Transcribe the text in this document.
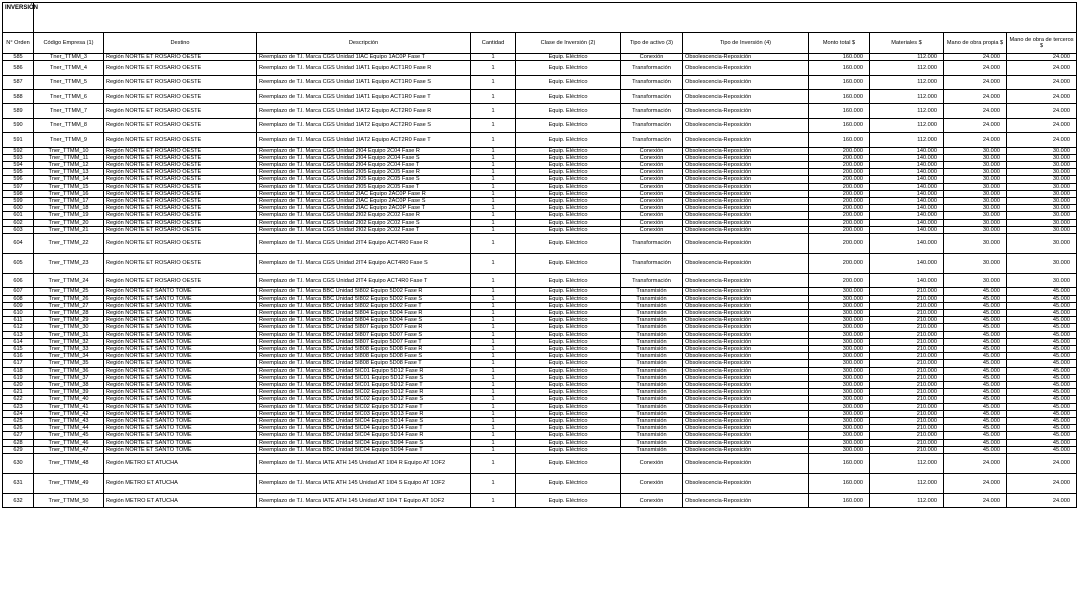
INVERSIÓN											
N° Orden	Código Empresa (1)	Destino	Descripción	Cantidad	Clase de Inversión (2)	Tipo de activo (3)	Tipo de Inversión (4)	Monto total $	Materiales $	Mano de obra propia $	Mano de obra de terceros $
585	Tner_TTMM_3	Región NORTE ET ROSARIO OESTE	Reemplazo de T.I. Marca CGS Unidad 1IAC Equipo 1AC0P Fase T	1	Equip. Eléctrico	Conexión	Obsolescencia-Reposición	160.000	112.000	24.000	24.000
586	Tner_TTMM_4	Región NORTE ET ROSARIO OESTE	Reemplazo de T.I. Marca CGS Unidad 1IAT1 Equipo ACT1R0 Fase R	1	Equip. Eléctrico	Transformación	Obsolescencia-Reposición	160.000	112.000	24.000	24.000
587	Tner_TTMM_5	Región NORTE ET ROSARIO OESTE	Reemplazo de T.I. Marca CGS Unidad 1IAT1 Equipo ACT1R0 Fase S	1	Equip. Eléctrico	Transformación	Obsolescencia-Reposición	160.000	112.000	24.000	24.000
588	Tner_TTMM_6	Región NORTE ET ROSARIO OESTE	Reemplazo de T.I. Marca CGS Unidad 1IAT1 Equipo ACT1R0 Fase T	1	Equip. Eléctrico	Transformación	Obsolescencia-Reposición	160.000	112.000	24.000	24.000
589	Tner_TTMM_7	Región NORTE ET ROSARIO OESTE	Reemplazo de T.I. Marca CGS Unidad 1IAT2 Equipo ACT2R0 Fase R	1	Equip. Eléctrico	Transformación	Obsolescencia-Reposición	160.000	112.000	24.000	24.000
590	Tner_TTMM_8	Región NORTE ET ROSARIO OESTE	Reemplazo de T.I. Marca CGS Unidad 1IAT2 Equipo ACT2R0 Fase S	1	Equip. Eléctrico	Transformación	Obsolescencia-Reposición	160.000	112.000	24.000	24.000
591	Tner_TTMM_9	Región NORTE ET ROSARIO OESTE	Reemplazo de T.I. Marca CGS Unidad 1IAT2 Equipo ACT2R0 Fase T	1	Equip. Eléctrico	Transformación	Obsolescencia-Reposición	160.000	112.000	24.000	24.000
592	Tner_TTMM_10	Región NORTE ET ROSARIO OESTE	Reemplazo de T.I. Marca CGS Unidad 2I04 Equipo 2C04 Fase R	1	Equip. Eléctrico	Conexión	Obsolescencia-Reposición	200.000	140.000	30.000	30.000
593	Tner_TTMM_11	Región NORTE ET ROSARIO OESTE	Reemplazo de T.I. Marca CGS Unidad 2I04 Equipo 2C04 Fase S	1	Equip. Eléctrico	Conexión	Obsolescencia-Reposición	200.000	140.000	30.000	30.000
594	Tner_TTMM_12	Región NORTE ET ROSARIO OESTE	Reemplazo de T.I. Marca CGS Unidad 2I04 Equipo 2C04 Fase T	1	Equip. Eléctrico	Conexión	Obsolescencia-Reposición	200.000	140.000	30.000	30.000
595	Tner_TTMM_13	Región NORTE ET ROSARIO OESTE	Reemplazo de T.I. Marca CGS Unidad 2I05 Equipo 2C05 Fase R	1	Equip. Eléctrico	Conexión	Obsolescencia-Reposición	200.000	140.000	30.000	30.000
596	Tner_TTMM_14	Región NORTE ET ROSARIO OESTE	Reemplazo de T.I. Marca CGS Unidad 2I05 Equipo 2C05 Fase S	1	Equip. Eléctrico	Conexión	Obsolescencia-Reposición	200.000	140.000	30.000	30.000
597	Tner_TTMM_15	Región NORTE ET ROSARIO OESTE	Reemplazo de T.I. Marca CGS Unidad 2I05 Equipo 2C05 Fase T	1	Equip. Eléctrico	Conexión	Obsolescencia-Reposición	200.000	140.000	30.000	30.000
598	Tner_TTMM_16	Región NORTE ET ROSARIO OESTE	Reemplazo de T.I. Marca CGS Unidad 2IAC Equipo 2AC0P Fase R	1	Equip. Eléctrico	Conexión	Obsolescencia-Reposición	200.000	140.000	30.000	30.000
599	Tner_TTMM_17	Región NORTE ET ROSARIO OESTE	Reemplazo de T.I. Marca CGS Unidad 2IAC Equipo 2AC0P Fase S	1	Equip. Eléctrico	Conexión	Obsolescencia-Reposición	200.000	140.000	30.000	30.000
600	Tner_TTMM_18	Región NORTE ET ROSARIO OESTE	Reemplazo de T.I. Marca CGS Unidad 2IAC Equipo 2AC0P Fase T	1	Equip. Eléctrico	Conexión	Obsolescencia-Reposición	200.000	140.000	30.000	30.000
601	Tner_TTMM_19	Región NORTE ET ROSARIO OESTE	Reemplazo de T.I. Marca CGS Unidad 2I02 Equipo 2C02 Fase R	1	Equip. Eléctrico	Conexión	Obsolescencia-Reposición	200.000	140.000	30.000	30.000
602	Tner_TTMM_20	Región NORTE ET ROSARIO OESTE	Reemplazo de T.I. Marca CGS Unidad 2I02 Equipo 2C02 Fase S	1	Equip. Eléctrico	Conexión	Obsolescencia-Reposición	200.000	140.000	30.000	30.000
603	Tner_TTMM_21	Región NORTE ET ROSARIO OESTE	Reemplazo de T.I. Marca CGS Unidad 2I02 Equipo 2C02 Fase T	1	Equip. Eléctrico	Conexión	Obsolescencia-Reposición	200.000	140.000	30.000	30.000
604	Tner_TTMM_22	Región NORTE ET ROSARIO OESTE	Reemplazo de T.I. Marca CGS Unidad 2IT4 Equipo ACT4R0 Fase R	1	Equip. Eléctrico	Transformación	Obsolescencia-Reposición	200.000	140.000	30.000	30.000
605	Tner_TTMM_23	Región NORTE ET ROSARIO OESTE	Reemplazo de T.I. Marca CGS Unidad 2IT4 Equipo ACT4R0 Fase S	1	Equip. Eléctrico	Transformación	Obsolescencia-Reposición	200.000	140.000	30.000	30.000
606	Tner_TTMM_24	Región NORTE ET ROSARIO OESTE	Reemplazo de T.I. Marca CGS Unidad 2IT4 Equipo ACT4R0 Fase T	1	Equip. Eléctrico	Transformación	Obsolescencia-Reposición	200.000	140.000	30.000	30.000
607	Tner_TTMM_25	Región NORTE ET SANTO TOME	Reemplazo de T.I. Marca BBC Unidad 5I802 Equipo 5D02 Fase R	1	Equip. Eléctrico	Transmisión	Obsolescencia-Reposición	300.000	210.000	45.000	45.000
608	Tner_TTMM_26	Región NORTE ET SANTO TOME	Reemplazo de T.I. Marca BBC Unidad 5I802 Equipo 5D02 Fase S	1	Equip. Eléctrico	Transmisión	Obsolescencia-Reposición	300.000	210.000	45.000	45.000
609	Tner_TTMM_27	Región NORTE ET SANTO TOME	Reemplazo de T.I. Marca BBC Unidad 5I802 Equipo 5D02 Fase T	1	Equip. Eléctrico	Transmisión	Obsolescencia-Reposición	300.000	210.000	45.000	45.000
610	Tner_TTMM_28	Región NORTE ET SANTO TOME	Reemplazo de T.I. Marca BBC Unidad 5I804 Equipo 5D04 Fase R	1	Equip. Eléctrico	Transmisión	Obsolescencia-Reposición	300.000	210.000	45.000	45.000
611	Tner_TTMM_29	Región NORTE ET SANTO TOME	Reemplazo de T.I. Marca BBC Unidad 5I804 Equipo 5D04 Fase S	1	Equip. Eléctrico	Transmisión	Obsolescencia-Reposición	300.000	210.000	45.000	45.000
612	Tner_TTMM_30	Región NORTE ET SANTO TOME	Reemplazo de T.I. Marca BBC Unidad 5I807 Equipo 5D07 Fase R	1	Equip. Eléctrico	Transmisión	Obsolescencia-Reposición	300.000	210.000	45.000	45.000
613	Tner_TTMM_31	Región NORTE ET SANTO TOME	Reemplazo de T.I. Marca BBC Unidad 5I807 Equipo 5D07 Fase S	1	Equip. Eléctrico	Transmisión	Obsolescencia-Reposición	300.000	210.000	45.000	45.000
614	Tner_TTMM_32	Región NORTE ET SANTO TOME	Reemplazo de T.I. Marca BBC Unidad 5I807 Equipo 5D07 Fase T	1	Equip. Eléctrico	Transmisión	Obsolescencia-Reposición	300.000	210.000	45.000	45.000
615	Tner_TTMM_33	Región NORTE ET SANTO TOME	Reemplazo de T.I. Marca BBC Unidad 5I808 Equipo 5D08 Fase R	1	Equip. Eléctrico	Transmisión	Obsolescencia-Reposición	300.000	210.000	45.000	45.000
616	Tner_TTMM_34	Región NORTE ET SANTO TOME	Reemplazo de T.I. Marca BBC Unidad 5I808 Equipo 5D08 Fase S	1	Equip. Eléctrico	Transmisión	Obsolescencia-Reposición	300.000	210.000	45.000	45.000
617	Tner_TTMM_35	Región NORTE ET SANTO TOME	Reemplazo de T.I. Marca BBC Unidad 5I808 Equipo 5D08 Fase T	1	Equip. Eléctrico	Transmisión	Obsolescencia-Reposición	300.000	210.000	45.000	45.000
618	Tner_TTMM_36	Región NORTE ET SANTO TOME	Reemplazo de T.I. Marca BBC Unidad 5IC01 Equipo 5D12 Fase R	1	Equip. Eléctrico	Transmisión	Obsolescencia-Reposición	300.000	210.000	45.000	45.000
619	Tner_TTMM_37	Región NORTE ET SANTO TOME	Reemplazo de T.I. Marca BBC Unidad 5IC01 Equipo 5D12 Fase S	1	Equip. Eléctrico	Transmisión	Obsolescencia-Reposición	300.000	210.000	45.000	45.000
620	Tner_TTMM_38	Región NORTE ET SANTO TOME	Reemplazo de T.I. Marca BBC Unidad 5IC01 Equipo 5D12 Fase T	1	Equip. Eléctrico	Transmisión	Obsolescencia-Reposición	300.000	210.000	45.000	45.000
621	Tner_TTMM_39	Región NORTE ET SANTO TOME	Reemplazo de T.I. Marca BBC Unidad 5IC02 Equipo 5D12 Fase R	1	Equip. Eléctrico	Transmisión	Obsolescencia-Reposición	300.000	210.000	45.000	45.000
622	Tner_TTMM_40	Región NORTE ET SANTO TOME	Reemplazo de T.I. Marca BBC Unidad 5IC02 Equipo 5D12 Fase S	1	Equip. Eléctrico	Transmisión	Obsolescencia-Reposición	300.000	210.000	45.000	45.000
623	Tner_TTMM_41	Región NORTE ET SANTO TOME	Reemplazo de T.I. Marca BBC Unidad 5IC02 Equipo 5D12 Fase T	1	Equip. Eléctrico	Transmisión	Obsolescencia-Reposición	300.000	210.000	45.000	45.000
624	Tner_TTMM_42	Región NORTE ET SANTO TOME	Reemplazo de T.I. Marca BBC Unidad 5IC03 Equipo 5D13 Fase R	1	Equip. Eléctrico	Transmisión	Obsolescencia-Reposición	300.000	210.000	45.000	45.000
625	Tner_TTMM_43	Región NORTE ET SANTO TOME	Reemplazo de T.I. Marca BBC Unidad 5IC04 Equipo 5D14 Fase S	1	Equip. Eléctrico	Transmisión	Obsolescencia-Reposición	300.000	210.000	45.000	45.000
626	Tner_TTMM_44	Región NORTE ET SANTO TOME	Reemplazo de T.I. Marca BBC Unidad 5IC04 Equipo 5D14 Fase T	1	Equip. Eléctrico	Transmisión	Obsolescencia-Reposición	300.000	210.000	45.000	45.000
627	Tner_TTMM_45	Región NORTE ET SANTO TOME	Reemplazo de T.I. Marca BBC Unidad 5IC04 Equipo 5D14 Fase R	1	Equip. Eléctrico	Transmisión	Obsolescencia-Reposición	300.000	210.000	45.000	45.000
628	Tner_TTMM_46	Región NORTE ET SANTO TOME	Reemplazo de T.I. Marca BBC Unidad 5IC04 Equipo 5D94 Fase S	1	Equip. Eléctrico	Transmisión	Obsolescencia-Reposición	300.000	210.000	45.000	45.000
629	Tner_TTMM_47	Región NORTE ET SANTO TOME	Reemplazo de T.I. Marca BBC Unidad 5IC04 Equipo 5D94 Fase T	1	Equip. Eléctrico	Transmisión	Obsolescencia-Reposición	300.000	210.000	45.000	45.000
630	Tner_TTMM_48	Región METRO ET ATUCHA	Reemplazo de T.I. Marca IATE ATH 145 Unidad AT 1I04 R Equipo AT 1OF2	1	Equip. Eléctrico	Conexión	Obsolescencia-Reposición	160.000	112.000	24.000	24.000
631	Tner_TTMM_49	Región METRO ET ATUCHA	Reemplazo de T.I. Marca IATE ATH 145 Unidad AT 1I04 S Equipo AT 1OF2	1	Equip. Eléctrico	Conexión	Obsolescencia-Reposición	160.000	112.000	24.000	24.000
632	Tner_TTMM_50	Región METRO ET ATUCHA	Reemplazo de T.I. Marca IATE ATH 145 Unidad AT 1I04 T Equipo AT 1OF2	1	Equip. Eléctrico	Conexión	Obsolescencia-Reposición	160.000	112.000	24.000	24.000
